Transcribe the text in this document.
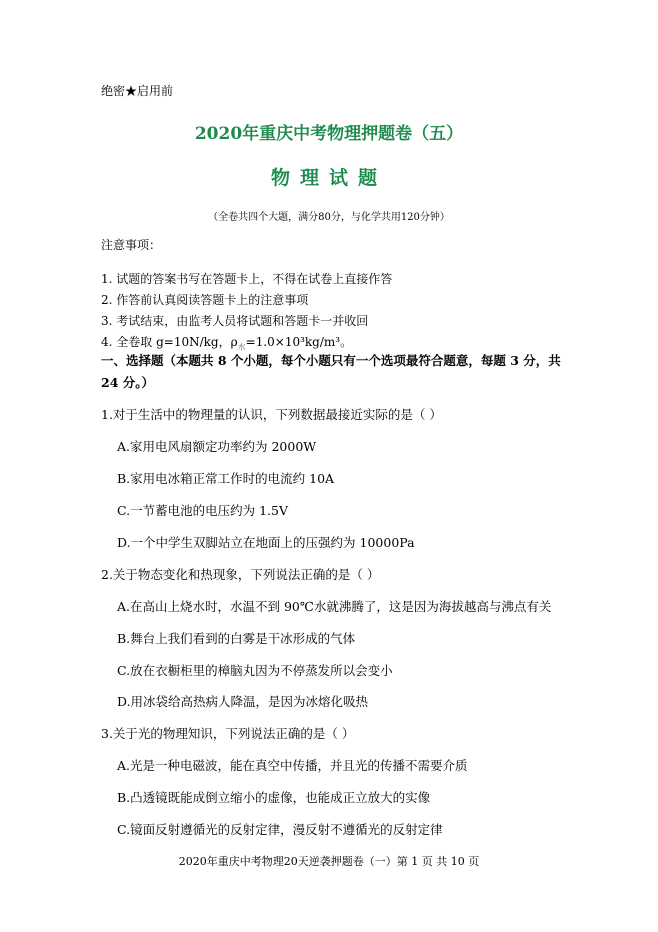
绝密★启用前
2020年重庆中考物理押题卷（五）
物理试题
（全卷共四个大题，满分80分，与化学共用120分钟）
注意事项：
1. 试题的答案书写在答题卡上，不得在试卷上直接作答
2. 作答前认真阅读答题卡上的注意事项
3. 考试结束，由监考人员将试题和答题卡一并收回
4. 全卷取 g=10N/kg，$\rho_水=1.0\times 10^3kg/m^3$。
一、选择题（本题共 8 个小题，每个小题只有一个选项最符合题意，每题 3 分，共 24 分。）
1.对于生活中的物理量的认识，下列数据最接近实际的是（ ）
A.家用电风扇额定功率约为 2000W
B.家用电冰箱正常工作时的电流约 10A
C.一节蓄电池的电压约为 1.5V
D.一个中学生双脚站立在地面上的压强约为 10000Pa
2.关于物态变化和热现象，下列说法正确的是（ ）
A.在高山上烧水时，水温不到 90℃水就沸腾了，这是因为海拔越高与沸点有关
B.舞台上我们看到的白雾是干冰形成的气体
C.放在衣橱柜里的樟脑丸因为不停蒸发所以会变小
D.用冰袋给高热病人降温，是因为冰熔化吸热
3.关于光的物理知识，下列说法正确的是（ ）
A.光是一种电磁波，能在真空中传播，并且光的传播不需要介质
B.凸透镜既能成倒立缩小的虚像，也能成正立放大的实像
C.镜面反射遵循光的反射定律，漫反射不遵循光的反射定律
2020年重庆中考物理20天逆袭押题卷（一）第 1 页 共 10 页
